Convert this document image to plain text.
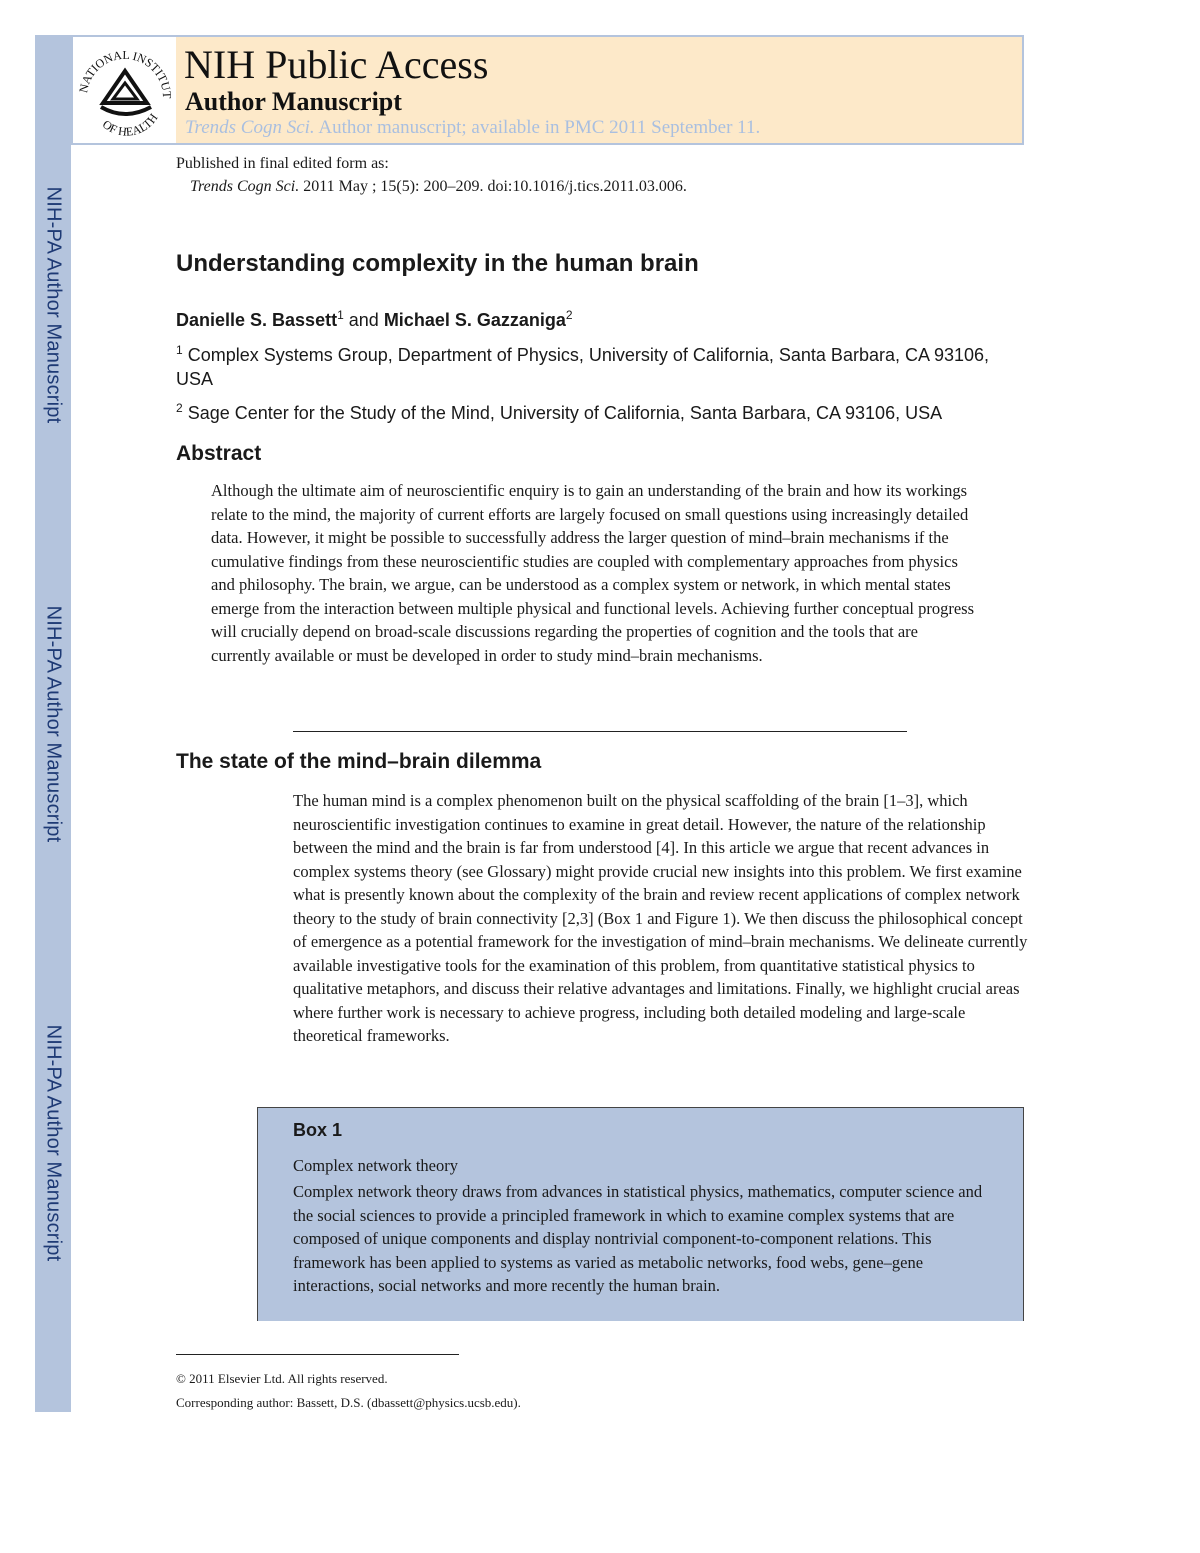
NIH-PA Author Manuscript
NIH-PA Author Manuscript
NIH-PA Author Manuscript
NATIONAL INSTITUT
OF HEALTH
NIH Public Access
Author Manuscript
Trends Cogn Sci. Author manuscript; available in PMC 2011 September 11.
Published in final edited form as:
Trends Cogn Sci. 2011 May ; 15(5): 200–209. doi:10.1016/j.tics.2011.03.006.
Understanding complexity in the human brain
Danielle S. Bassett$^1$ and Michael S. Gazzaniga$^2$
$^1$ Complex Systems Group, Department of Physics, University of California, Santa Barbara, CA 93106, USA
$^2$ Sage Center for the Study of the Mind, University of California, Santa Barbara, CA 93106, USA
Abstract

Although the ultimate aim of neuroscientific enquiry is to gain an understanding of the brain and how its workings relate to the mind, the majority of current efforts are largely focused on small questions using increasingly detailed data. However, it might be possible to successfully address the larger question of mind–brain mechanisms if the cumulative findings from these neuroscientific studies are coupled with complementary approaches from physics and philosophy. The brain, we argue, can be understood as a complex system or network, in which mental states emerge from the interaction between multiple physical and functional levels. Achieving further conceptual progress will crucially depend on broad-scale discussions regarding the properties of cognition and the tools that are currently available or must be developed in order to study mind–brain mechanisms.

The state of the mind–brain dilemma

The human mind is a complex phenomenon built on the physical scaffolding of the brain [1–3], which neuroscientific investigation continues to examine in great detail. However, the nature of the relationship between the mind and the brain is far from understood [4]. In this article we argue that recent advances in complex systems theory (see Glossary) might provide crucial new insights into this problem. We first examine what is presently known about the complexity of the brain and review recent applications of complex network theory to the study of brain connectivity [2,3] (Box 1 and Figure 1). We then discuss the philosophical concept of emergence as a potential framework for the investigation of mind–brain mechanisms. We delineate currently available investigative tools for the examination of this problem, from quantitative statistical physics to qualitative metaphors, and discuss their relative advantages and limitations. Finally, we highlight crucial areas where further work is necessary to achieve progress, including both detailed modeling and large-scale theoretical frameworks.

Box 1
Complex network theory

Complex network theory draws from advances in statistical physics, mathematics, computer science and the social sciences to provide a principled framework in which to examine complex systems that are composed of unique components and display nontrivial component-to-component relations. This framework has been applied to systems as varied as metabolic networks, food webs, gene–gene interactions, social networks and more recently the human brain.

© 2011 Elsevier Ltd. All rights reserved.
Corresponding author: Bassett, D.S. (dbassett@physics.ucsb.edu).
